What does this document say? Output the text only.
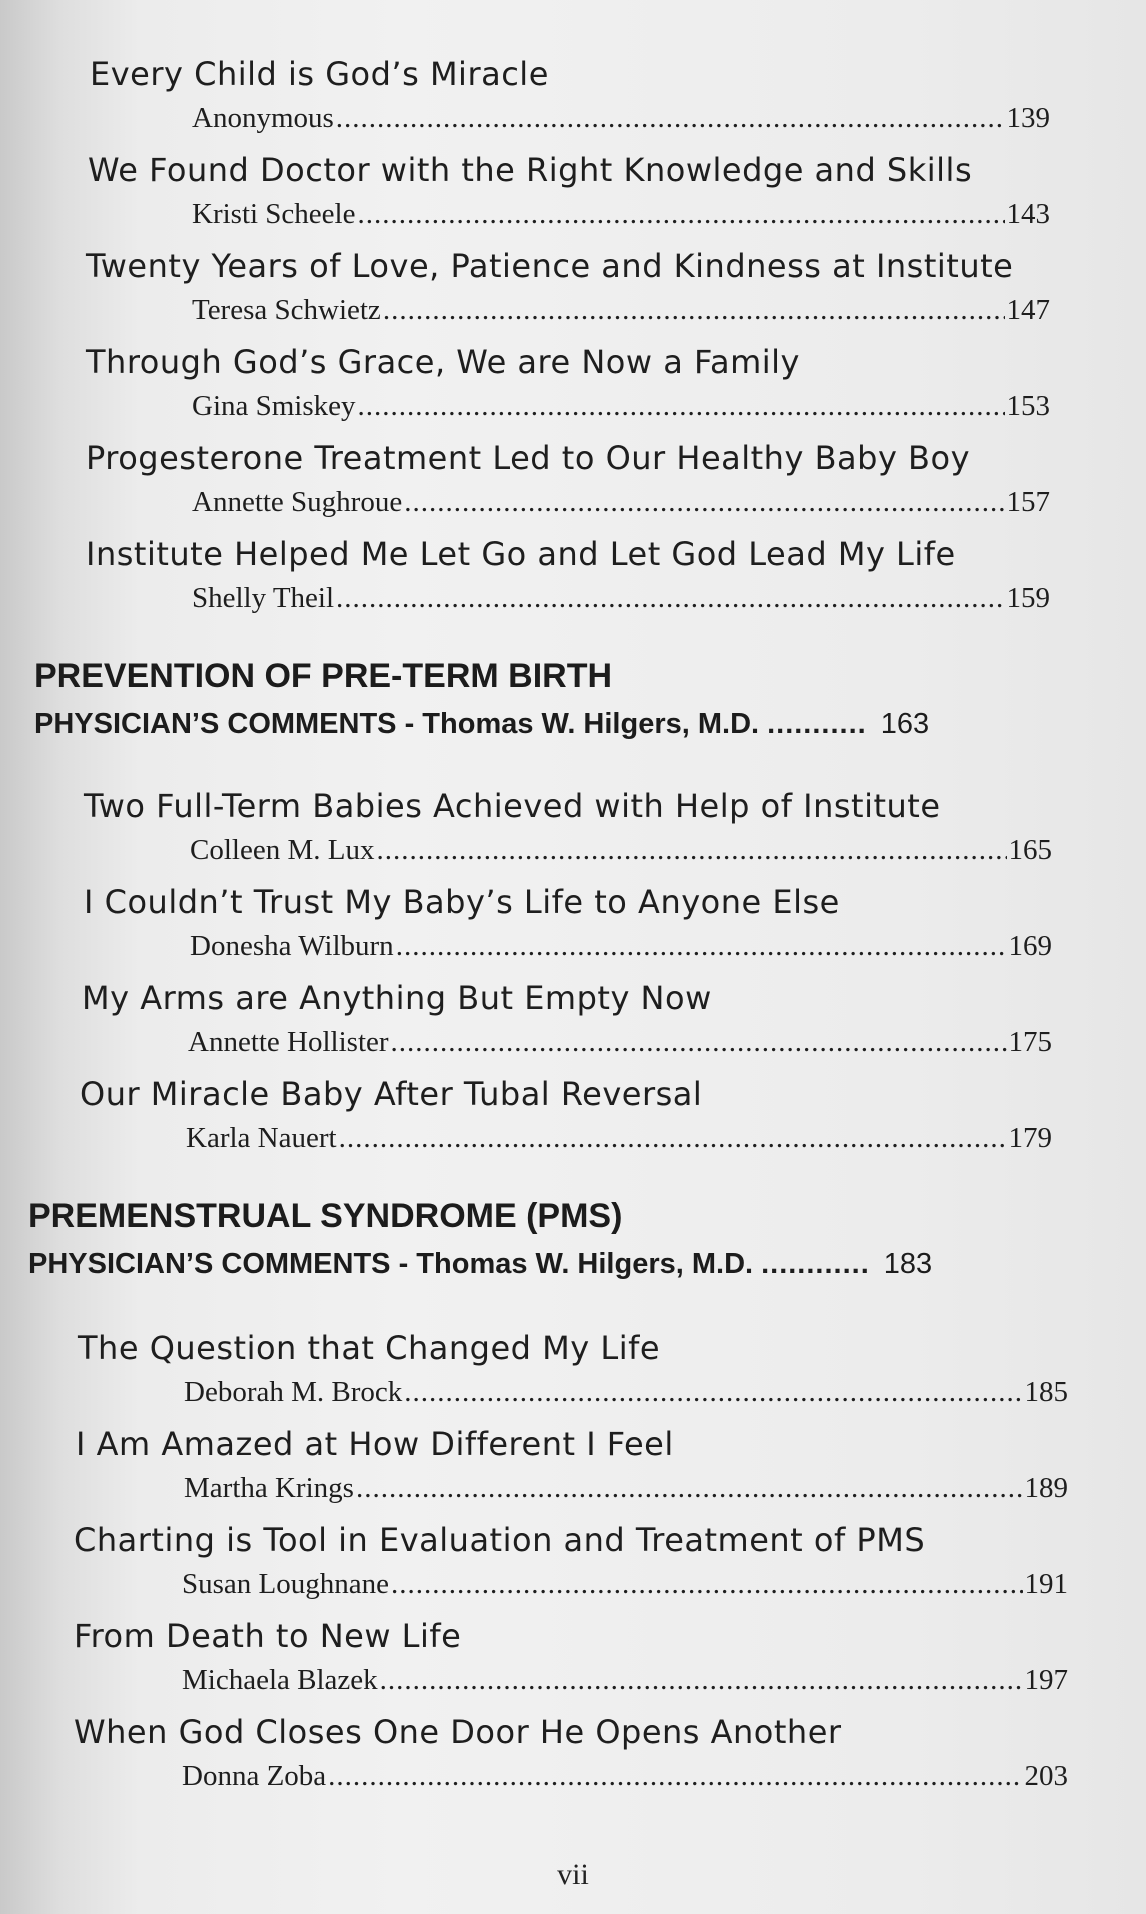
Every Child is God’s Miracle
Anonymous .....	139
We Found Doctor with the Right Knowledge and Skills
Kristi Scheele .....	143
Twenty Years of Love, Patience and Kindness at Institute
Teresa Schwietz .....	147
Through God’s Grace, We are Now a Family
Gina Smiskey .....	153
Progesterone Treatment Led to Our Healthy Baby Boy
Annette Sughroue .....	157
Institute Helped Me Let Go and Let God Lead My Life
Shelly Theil .....	159
PREVENTION OF PRE-TERM BIRTH
PHYSICIAN’S COMMENTS - Thomas W. Hilgers, M.D. ........... 163
Two Full-Term Babies Achieved with Help of Institute
Colleen M. Lux .....	165
I Couldn’t Trust My Baby’s Life to Anyone Else
Donesha Wilburn .....	169
My Arms are Anything But Empty Now
Annette Hollister .....	175
Our Miracle Baby After Tubal Reversal
Karla Nauert .....	179
PREMENSTRUAL SYNDROME (PMS)
PHYSICIAN’S COMMENTS - Thomas W. Hilgers, M.D. ............ 183
The Question that Changed My Life
Deborah M. Brock .....	185
I Am Amazed at How Different I Feel
Martha Krings .....	189
Charting is Tool in Evaluation and Treatment of PMS
Susan Loughnane .....	191
From Death to New Life
Michaela Blazek .....	197
When God Closes One Door He Opens Another
Donna Zoba .....	203
vii
